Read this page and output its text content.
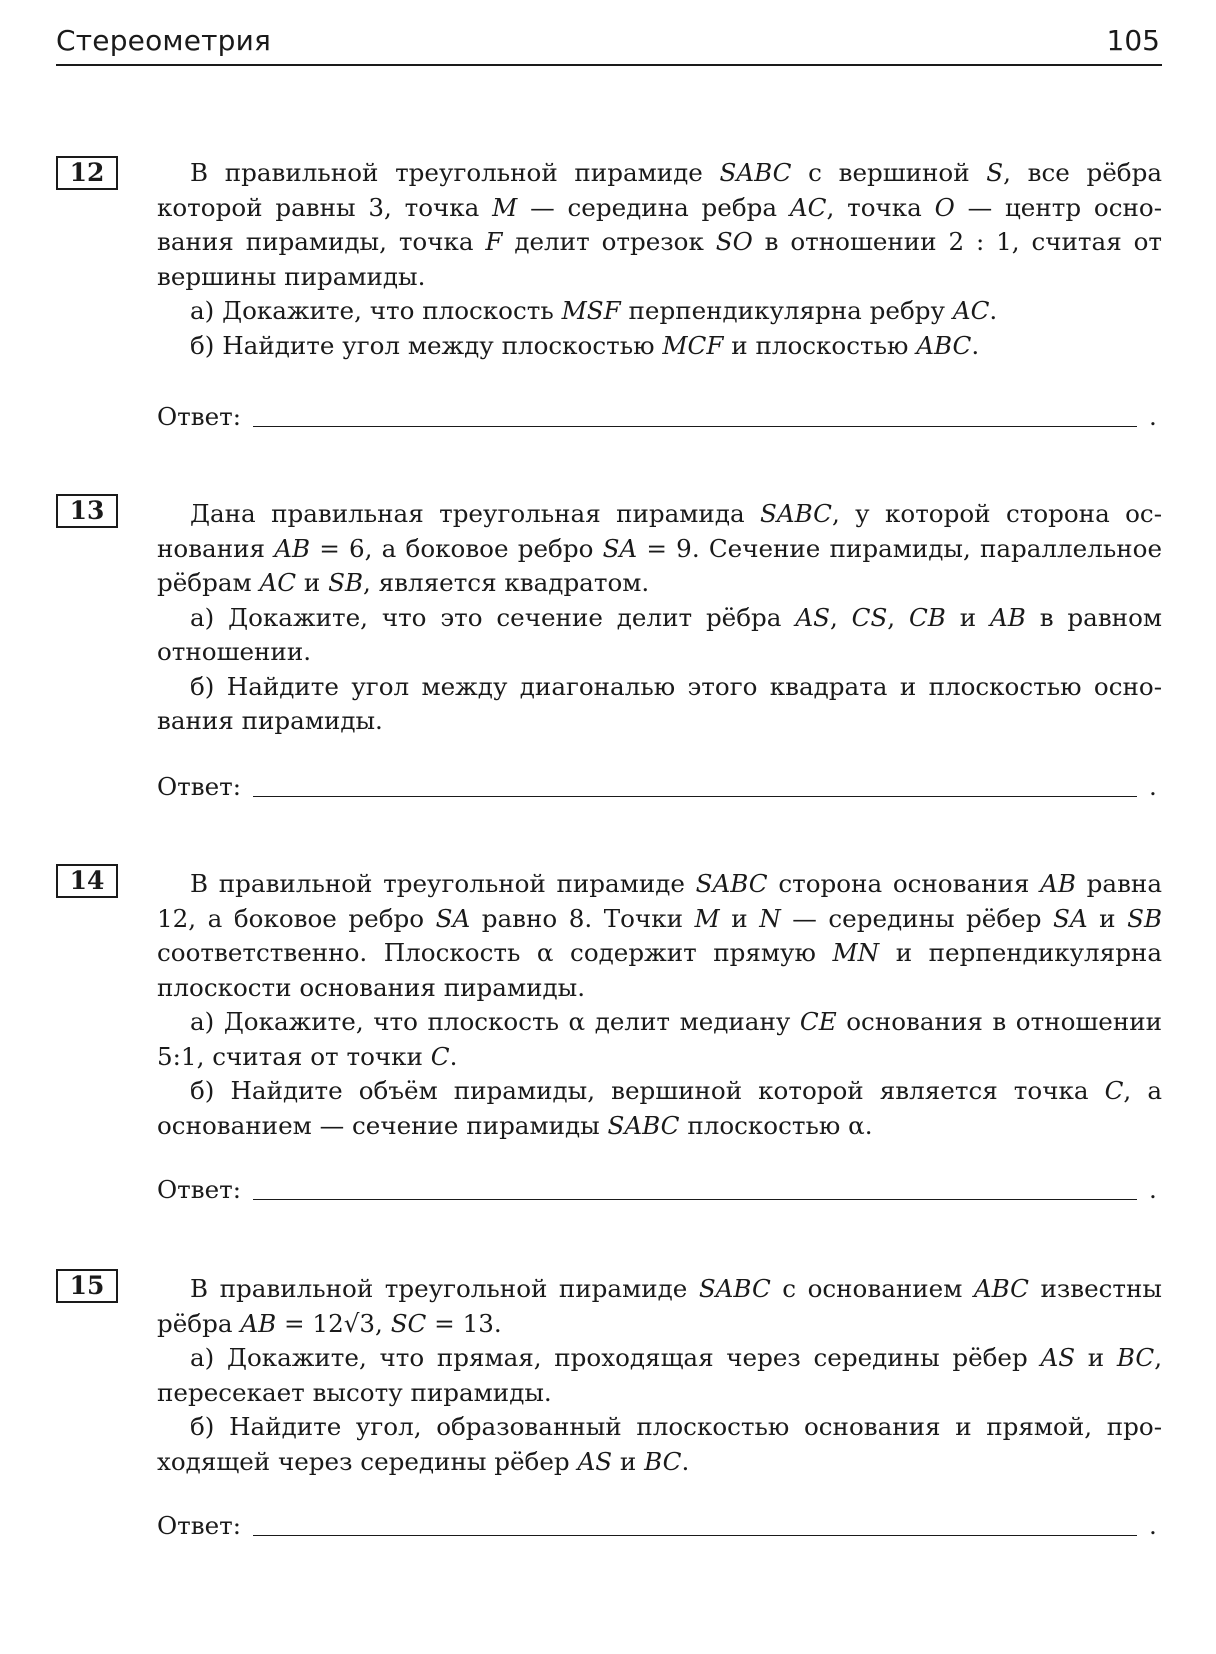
Стереометрия	105
12	В правильной треугольной пирамиде SABC с вершиной S, все рёбра которой равны 3, точка M — середина ребра AC, точка O — центр основания пирамиды, точка F делит отрезок SO в отношении 2 : 1, считая от вершины пирамиды.

а) Докажите, что плоскость MSF перпендикулярна ребру AC.

б) Найдите угол между плоскостью MCF и плоскостью ABC.

Ответ:	.
13	Дана правильная треугольная пирамида SABC, у которой сторона основания AB = 6, а боковое ребро SA = 9. Сечение пирамиды, параллельное рёбрам AC и SB, является квадратом.

а) Докажите, что это сечение делит рёбра AS, CS, CB и AB в равном отношении.

б) Найдите угол между диагональю этого квадрата и плоскостью основания пирамиды.

Ответ:	.
14	В правильной треугольной пирамиде SABC сторона основания AB равна 12, а боковое ребро SA равно 8. Точки M и N — середины рёбер SA и SB соответственно. Плоскость α содержит прямую MN и перпендикулярна плоскости основания пирамиды.

а) Докажите, что плоскость α делит медиану CE основания в отношении 5:1, считая от точки C.

б) Найдите объём пирамиды, вершиной которой является точка C, а основанием — сечение пирамиды SABC плоскостью α.

Ответ:	.
15	В правильной треугольной пирамиде SABC с основанием ABC известны рёбра AB = 12√3, SC = 13.

а) Докажите, что прямая, проходящая через середины рёбер AS и BC, пересекает высоту пирамиды.

б) Найдите угол, образованный плоскостью основания и прямой, проходящей через середины рёбер AS и BC.

Ответ:	.
